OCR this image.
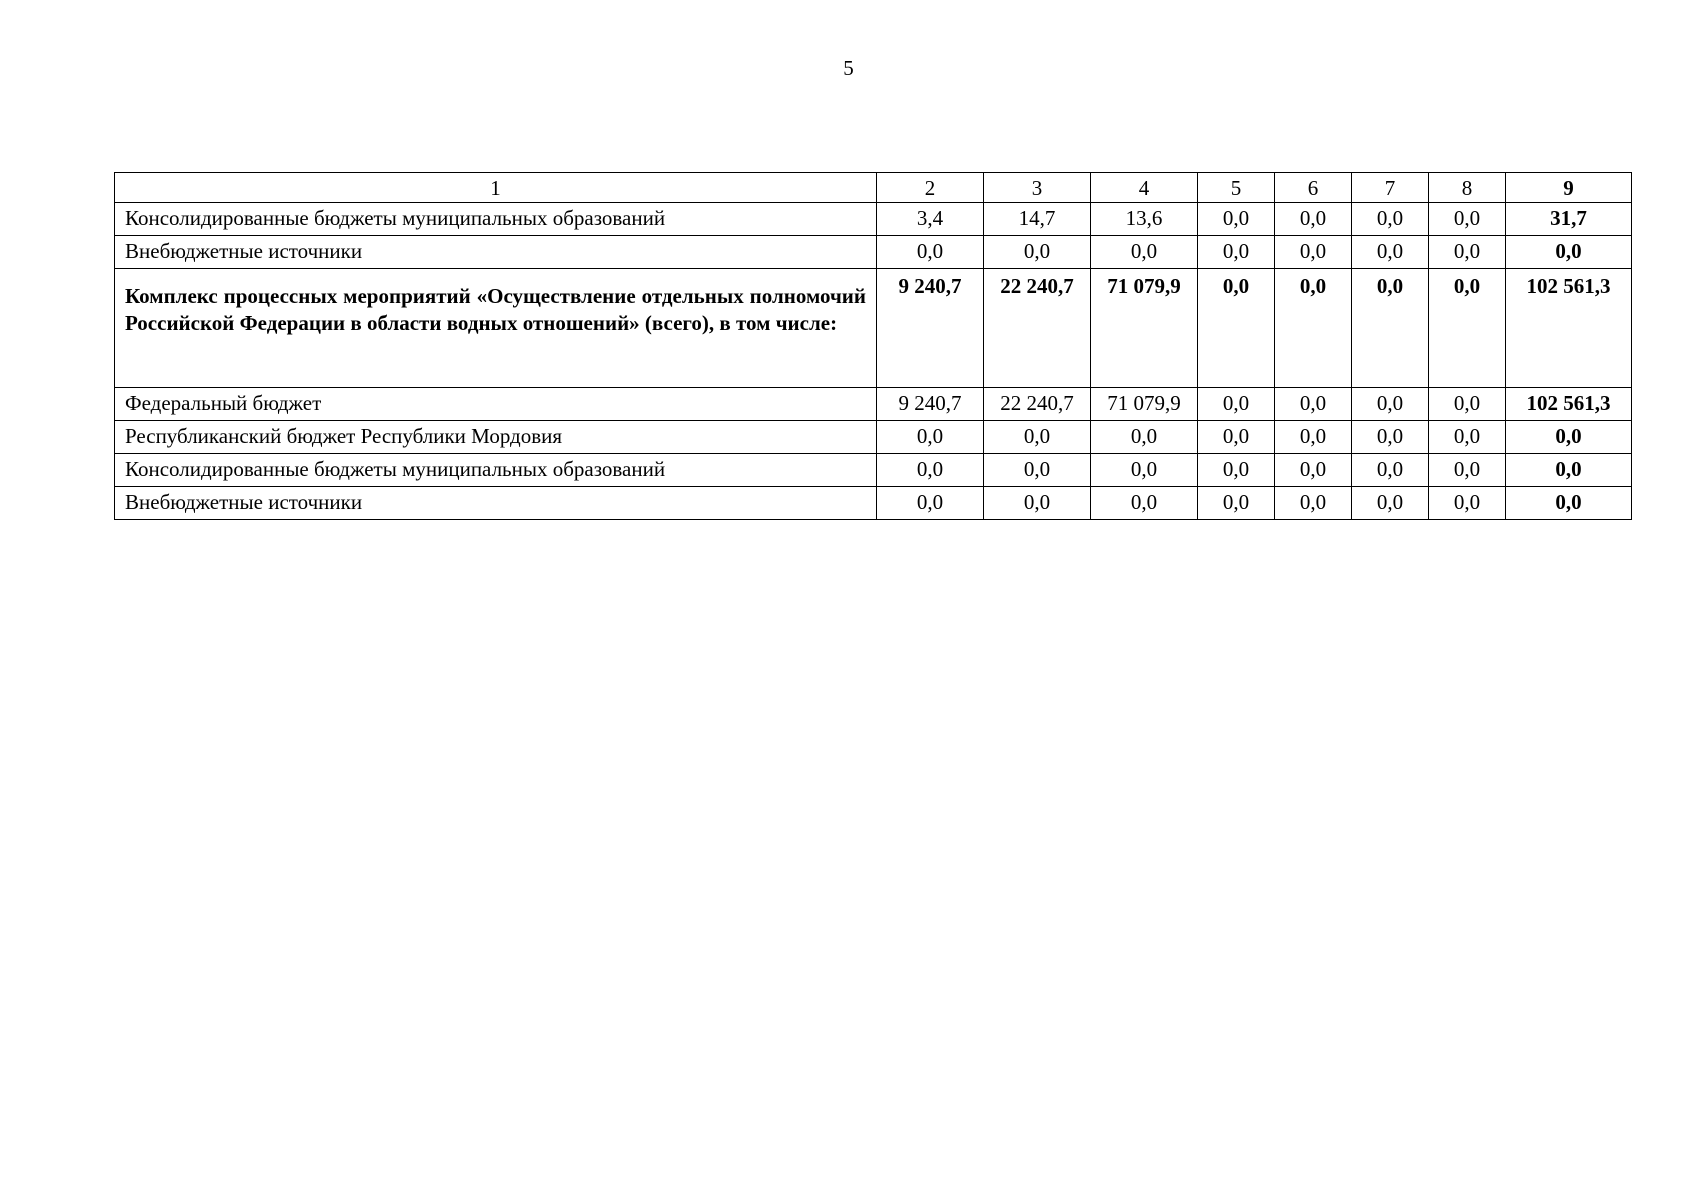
5
1	2	3	4	5	6	7	8	9
Консолидированные бюджеты муниципальных образований	3,4	14,7	13,6	0,0	0,0	0,0	0,0	31,7
Внебюджетные источники	0,0	0,0	0,0	0,0	0,0	0,0	0,0	0,0
Комплекс процессных мероприятий «Осуществление отдельных полномочий Российской Федерации в области водных отношений» (всего), в том числе:	9 240,7	22 240,7	71 079,9	0,0	0,0	0,0	0,0	102 561,3
Федеральный бюджет	9 240,7	22 240,7	71 079,9	0,0	0,0	0,0	0,0	102 561,3
Республиканский бюджет Республики Мордовия	0,0	0,0	0,0	0,0	0,0	0,0	0,0	0,0
Консолидированные бюджеты муниципальных образований	0,0	0,0	0,0	0,0	0,0	0,0	0,0	0,0
Внебюджетные источники	0,0	0,0	0,0	0,0	0,0	0,0	0,0	0,0
